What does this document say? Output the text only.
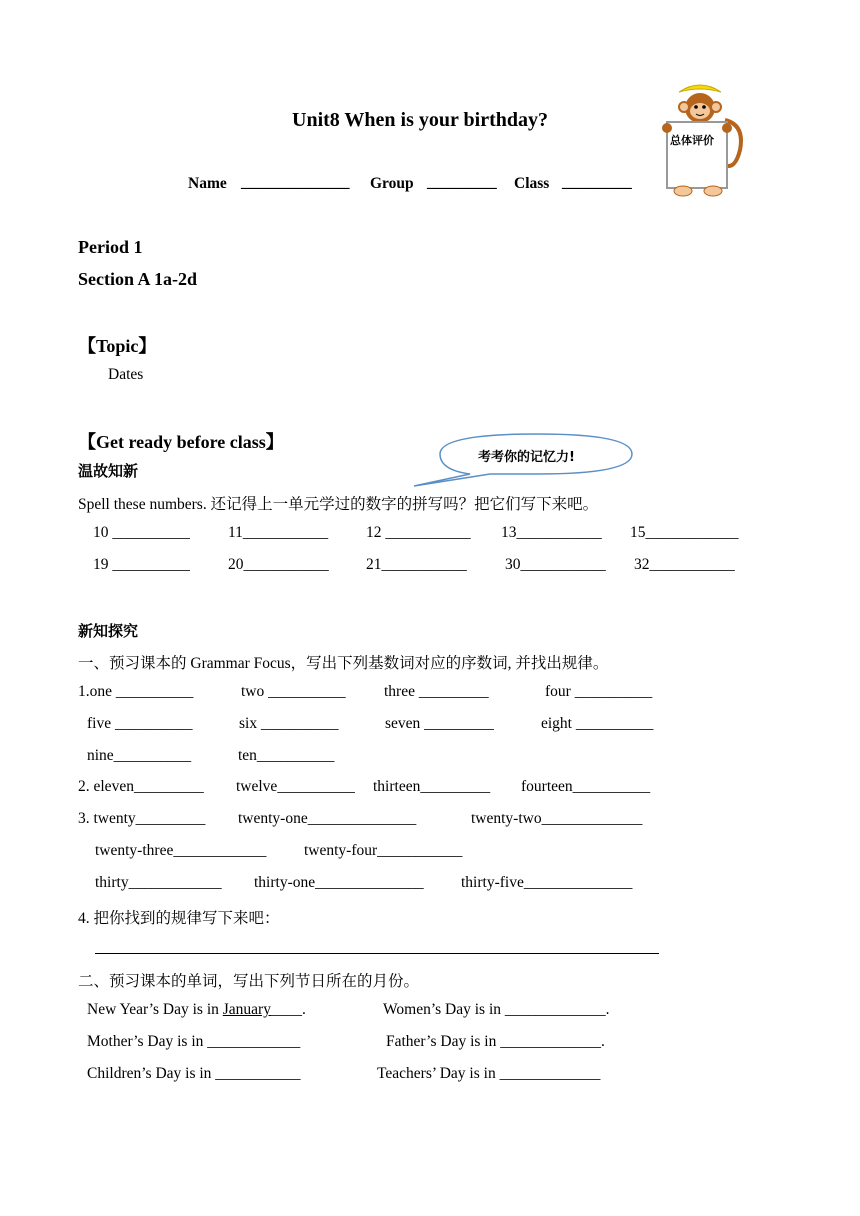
Unit8 When is your birthday?
Name ______________ Group _________ Class _________
总体评价
Period 1
Section A 1a-2d
【Topic】
Dates
【Get ready before class】
考考你的记忆力!
温故知新
Spell these numbers. 还记得上一单元学过的数字的拼写吗？把它们写下来吧。
10 __________ 11___________ 12 ___________ 13___________ 15____________
19 __________ 20___________ 21___________ 30___________ 32___________
新知探究
一、预习课本的 Grammar Focus，写出下列基数词对应的序数词, 并找出规律。
1.one __________	two __________ three _________	four __________
five __________	six __________	seven _________	eight __________
nine__________	ten__________
2. eleven_________ twelve__________ thirteen_________ fourteen__________
3. twenty_________ twenty-one______________	twenty-two_____________
twenty-three____________ twenty-four___________
thirty____________ thirty-one______________ thirty-five______________
4. 把你找到的规律写下来吧：
二、预习课本的单词，写出下列节日所在的月份。
New Year’s Day is in January____.	Women’s Day is in _____________.
Mother’s Day is in ____________	Father’s Day is in _____________.
Children’s Day is in ___________	Teachers’ Day is in _____________
